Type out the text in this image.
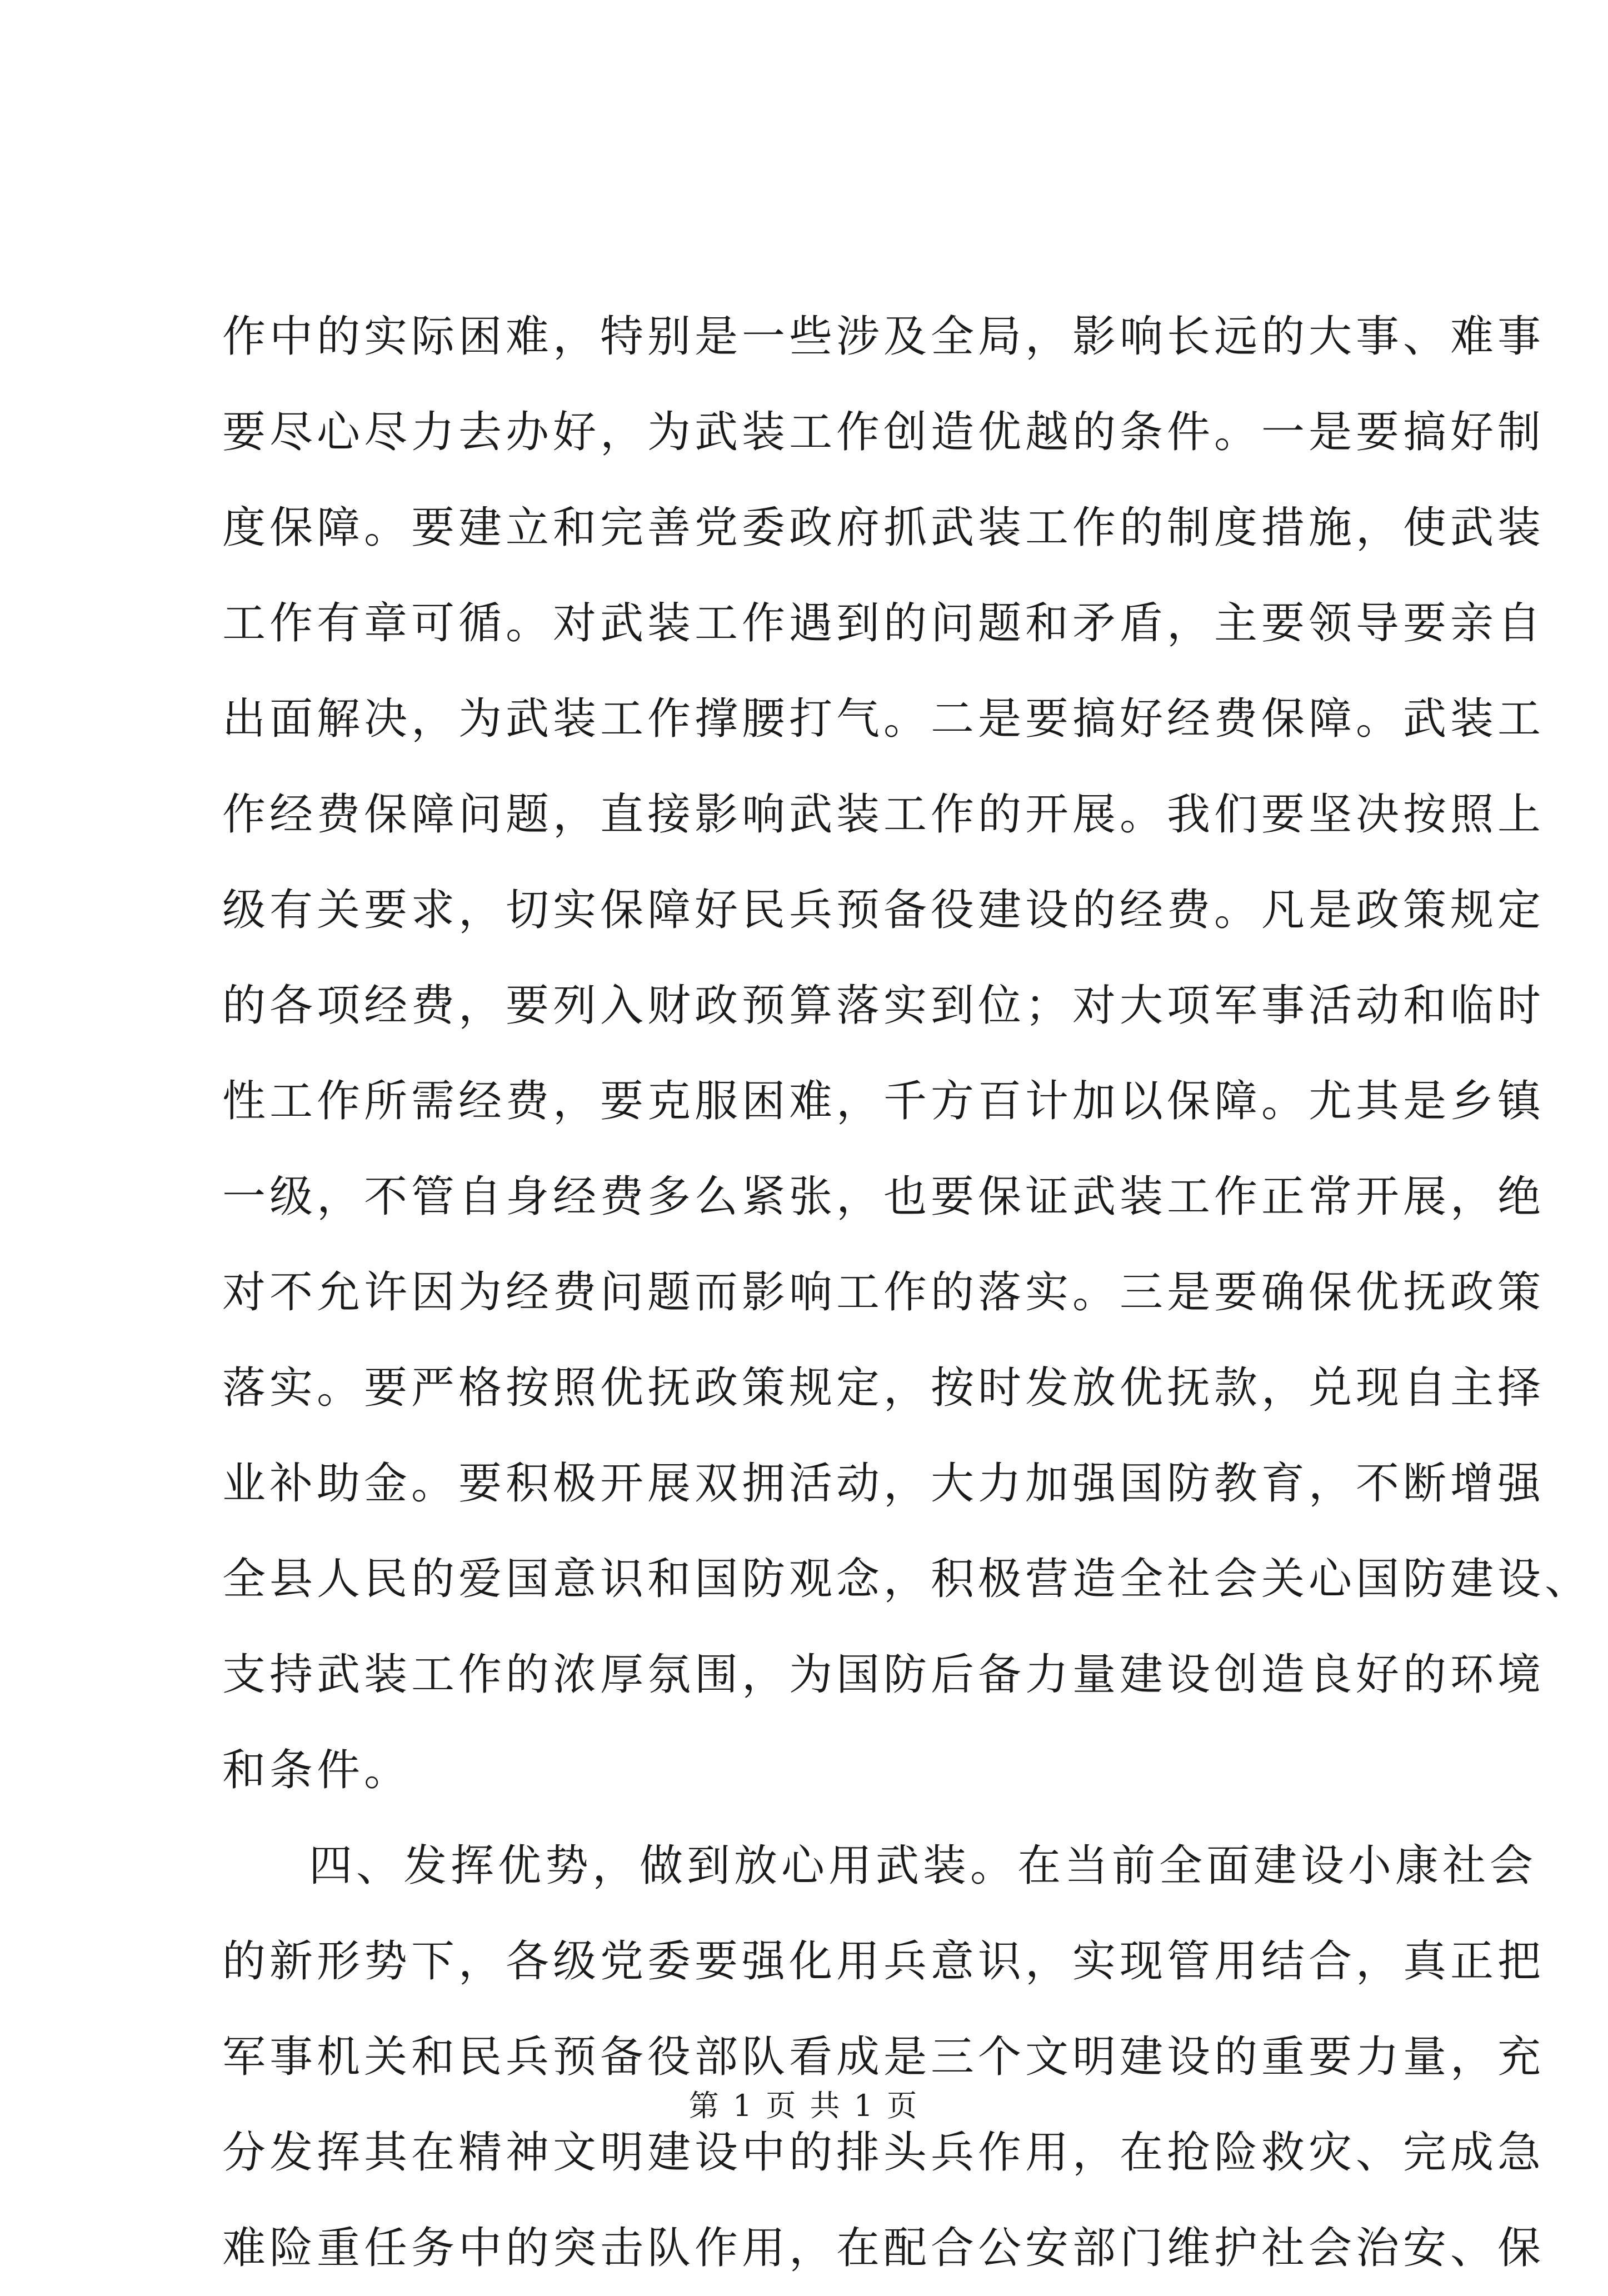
作中的实际困难，特别是一些涉及全局，影响长远的大事、难事
要尽心尽力去办好，为武装工作创造优越的条件。一是要搞好制
度保障。要建立和完善党委政府抓武装工作的制度措施，使武装
工作有章可循。对武装工作遇到的问题和矛盾，主要领导要亲自
出面解决，为武装工作撑腰打气。二是要搞好经费保障。武装工
作经费保障问题，直接影响武装工作的开展。我们要坚决按照上
级有关要求，切实保障好民兵预备役建设的经费。凡是政策规定
的各项经费，要列入财政预算落实到位；对大项军事活动和临时
性工作所需经费，要克服困难，千方百计加以保障。尤其是乡镇
一级，不管自身经费多么紧张，也要保证武装工作正常开展，绝
对不允许因为经费问题而影响工作的落实。三是要确保优抚政策
落实。要严格按照优抚政策规定，按时发放优抚款，兑现自主择
业补助金。要积极开展双拥活动，大力加强国防教育，不断增强
全县人民的爱国意识和国防观念，积极营造全社会关心国防建设、
支持武装工作的浓厚氛围，为国防后备力量建设创造良好的环境
和条件。
四、发挥优势，做到放心用武装。在当前全面建设小康社会
的新形势下，各级党委要强化用兵意识，实现管用结合，真正把
军事机关和民兵预备役部队看成是三个文明建设的重要力量，充
分发挥其在精神文明建设中的排头兵作用，在抢险救灾、完成急
难险重任务中的突击队作用，在配合公安部门维护社会治安、保
第 1 页 共 1 页
